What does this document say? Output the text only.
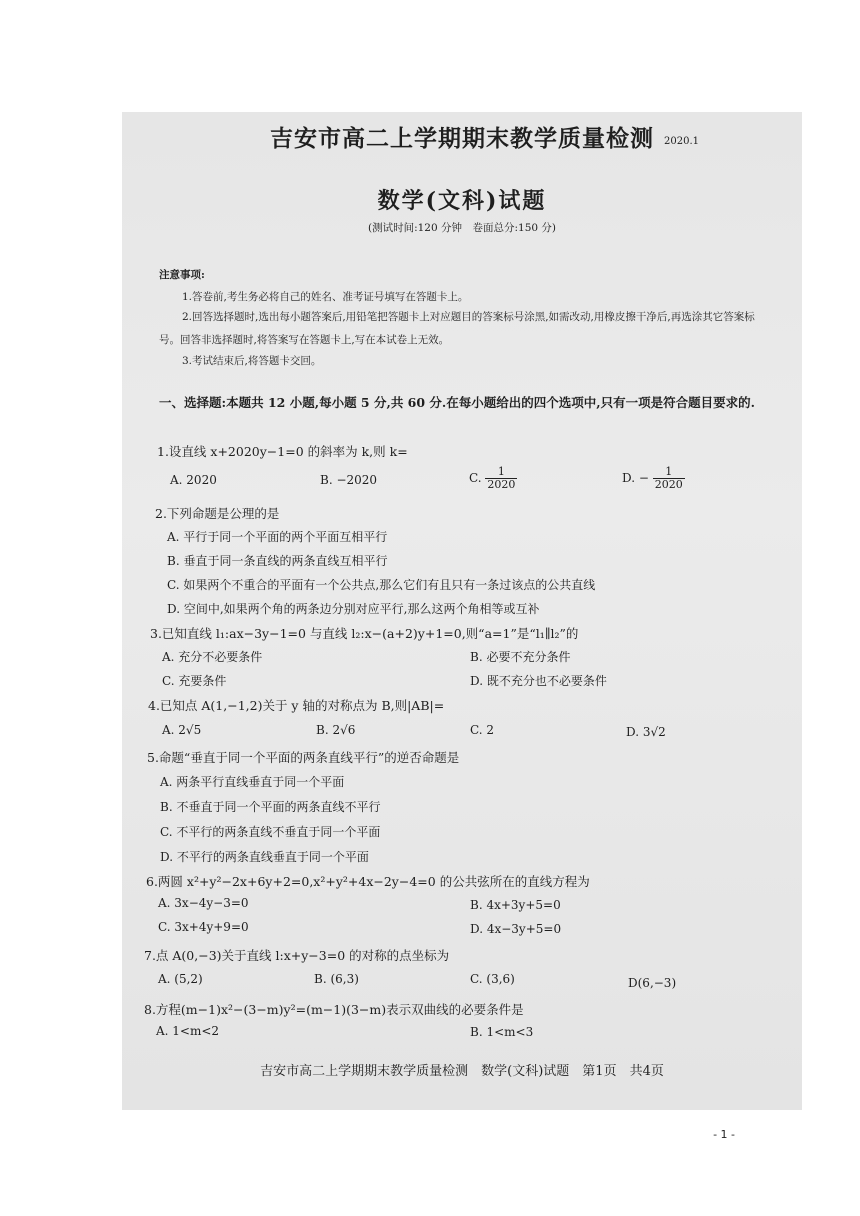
吉安市高二上学期期末教学质量检测	2020.1
数学(文科)试题
(测试时间:120 分钟　卷面总分:150 分)
注意事项:
1.答卷前,考生务必将自己的姓名、准考证号填写在答题卡上。
2.回答选择题时,选出每小题答案后,用铅笔把答题卡上对应题目的答案标号涂黑,如需改动,用橡皮擦干净后,再选涂其它答案标号。回答非选择题时,将答案写在答题卡上,写在本试卷上无效。
3.考试结束后,将答题卡交回。
一、选择题:本题共 12 小题,每小题 5 分,共 60 分.在每小题给出的四个选项中,只有一项是符合题目要求的.
1.设直线 x+2020y−1=0 的斜率为 k,则 k=
A. 2020	B. −2020	C. $\frac{1}{2020}$	D. − $\frac{1}{2020}$
2.下列命题是公理的是
A. 平行于同一个平面的两个平面互相平行
B. 垂直于同一条直线的两条直线互相平行
C. 如果两个不重合的平面有一个公共点,那么它们有且只有一条过该点的公共直线
D. 空间中,如果两个角的两条边分别对应平行,那么这两个角相等或互补
3.已知直线 l₁:ax−3y−1=0 与直线 l₂:x−(a+2)y+1=0,则“a=1”是“l₁∥l₂”的
A. 充分不必要条件	B. 必要不充分条件
C. 充要条件	D. 既不充分也不必要条件
4.已知点 A(1,−1,2)关于 y 轴的对称点为 B,则|AB|=
A. 2√5	B. 2√6	C. 2	D. 3√2
5.命题“垂直于同一个平面的两条直线平行”的逆否命题是
A. 两条平行直线垂直于同一个平面
B. 不垂直于同一个平面的两条直线不平行
C. 不平行的两条直线不垂直于同一个平面
D. 不平行的两条直线垂直于同一个平面
6.两圆 x²+y²−2x+6y+2=0,x²+y²+4x−2y−4=0 的公共弦所在的直线方程为
A. 3x−4y−3=0	B. 4x+3y+5=0
C. 3x+4y+9=0	D. 4x−3y+5=0
7.点 A(0,−3)关于直线 l:x+y−3=0 的对称的点坐标为
A. (5,2)	B. (6,3)	C. (3,6)	D(6,−3)
8.方程(m−1)x²−(3−m)y²=(m−1)(3−m)表示双曲线的必要条件是
A. 1<m<2	B. 1<m<3
吉安市高二上学期期末教学质量检测　数学(文科)试题　第1页　共4页
- 1 -
